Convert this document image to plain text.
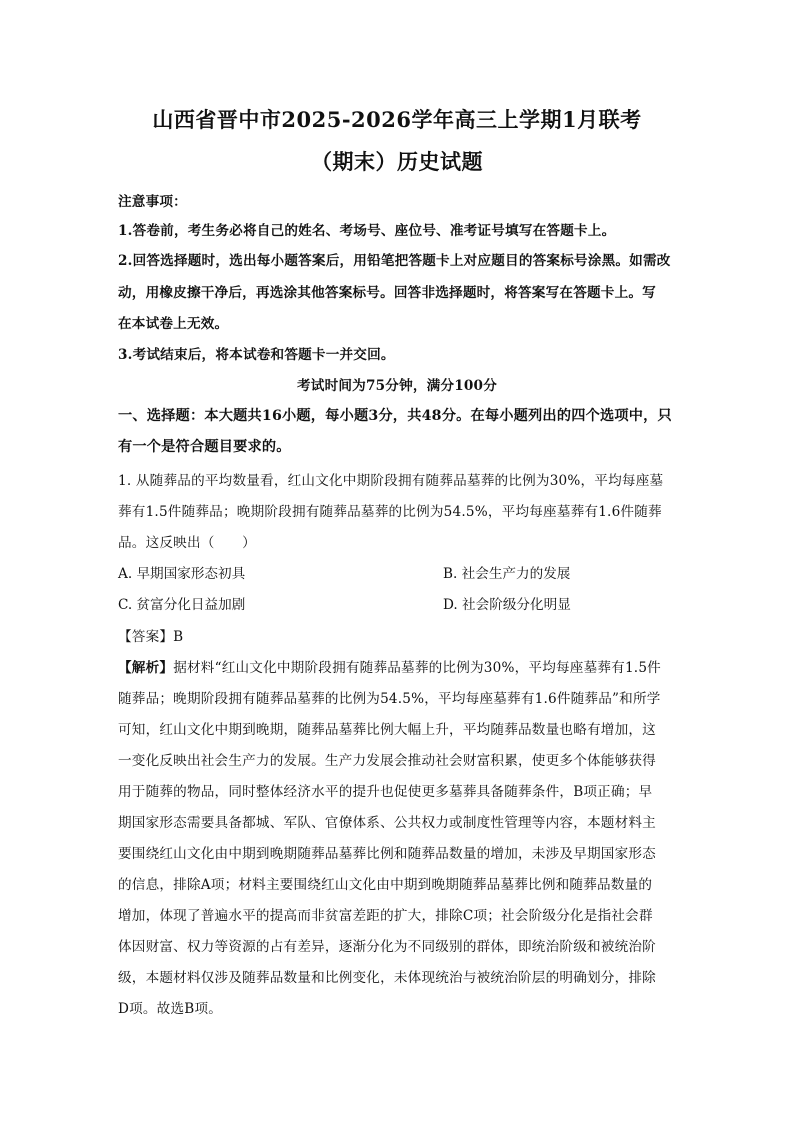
山西省晋中市2025-2026学年高三上学期1月联考
（期末）历史试题
注意事项：
1.答卷前，考生务必将自己的姓名、考场号、座位号、准考证号填写在答题卡上。
2.回答选择题时，选出每小题答案后，用铅笔把答题卡上对应题目的答案标号涂黑。如需改
动，用橡皮擦干净后，再选涂其他答案标号。回答非选择题时，将答案写在答题卡上。写
在本试卷上无效。
3.考试结束后，将本试卷和答题卡一并交回。
考试时间为75分钟，满分100分
一、选择题：本大题共16小题，每小题3分，共48分。在每小题列出的四个选项中，只
有一个是符合题目要求的。
1. 从随葬品的平均数量看，红山文化中期阶段拥有随葬品墓葬的比例为30%，平均每座墓
葬有1.5件随葬品；晚期阶段拥有随葬品墓葬的比例为54.5%，平均每座墓葬有1.6件随葬
品。这反映出（　　）
A. 早期国家形态初具	B. 社会生产力的发展
C. 贫富分化日益加剧	D. 社会阶级分化明显
【答案】B
【解析】据材料“红山文化中期阶段拥有随葬品墓葬的比例为30%，平均每座墓葬有1.5件
随葬品；晚期阶段拥有随葬品墓葬的比例为54.5%，平均每座墓葬有1.6件随葬品”和所学
可知，红山文化中期到晚期，随葬品墓葬比例大幅上升，平均随葬品数量也略有增加，这
一变化反映出社会生产力的发展。生产力发展会推动社会财富积累，使更多个体能够获得
用于随葬的物品，同时整体经济水平的提升也促使更多墓葬具备随葬条件，B项正确；早
期国家形态需要具备都城、军队、官僚体系、公共权力或制度性管理等内容，本题材料主
要围绕红山文化由中期到晚期随葬品墓葬比例和随葬品数量的增加，未涉及早期国家形态
的信息，排除A项；材料主要围绕红山文化由中期到晚期随葬品墓葬比例和随葬品数量的
增加，体现了普遍水平的提高而非贫富差距的扩大，排除C项；社会阶级分化是指社会群
体因财富、权力等资源的占有差异，逐渐分化为不同级别的群体，即统治阶级和被统治阶
级，本题材料仅涉及随葬品数量和比例变化，未体现统治与被统治阶层的明确划分，排除
D项。故选B项。
